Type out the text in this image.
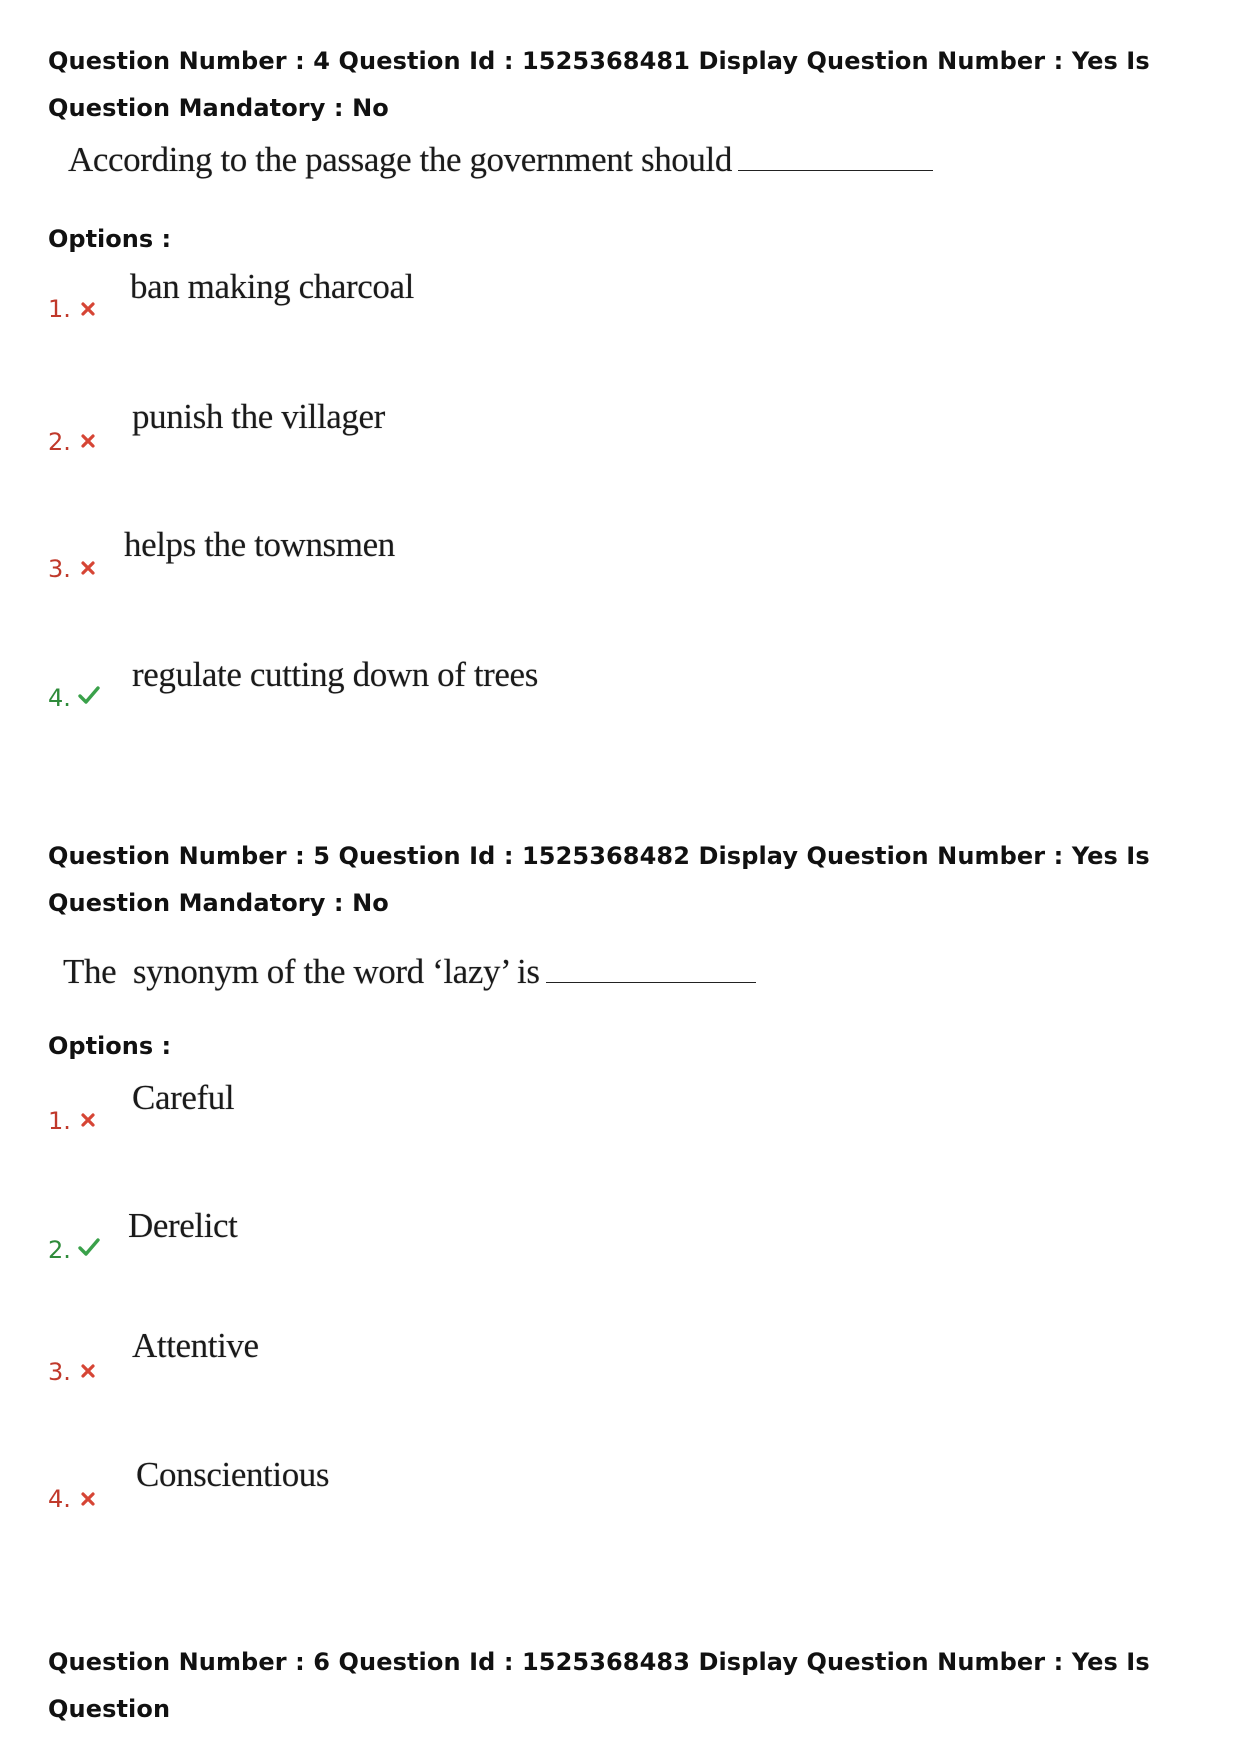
Question Number : 4 Question Id : 1525368481 Display Question Number : Yes Is Question Mandatory : No
According to the passage the government should
Options :
1.
ban making charcoal
2.
punish the villager
3.
helps the townsmen
4.
regulate cutting down of trees
Question Number : 5 Question Id : 1525368482 Display Question Number : Yes Is Question Mandatory : No
The  synonym of the word ‘lazy’ is
Options :
1.
Careful
2.
Derelict
3.
Attentive
4.
Conscientious
Question Number : 6 Question Id : 1525368483 Display Question Number : Yes Is Question
